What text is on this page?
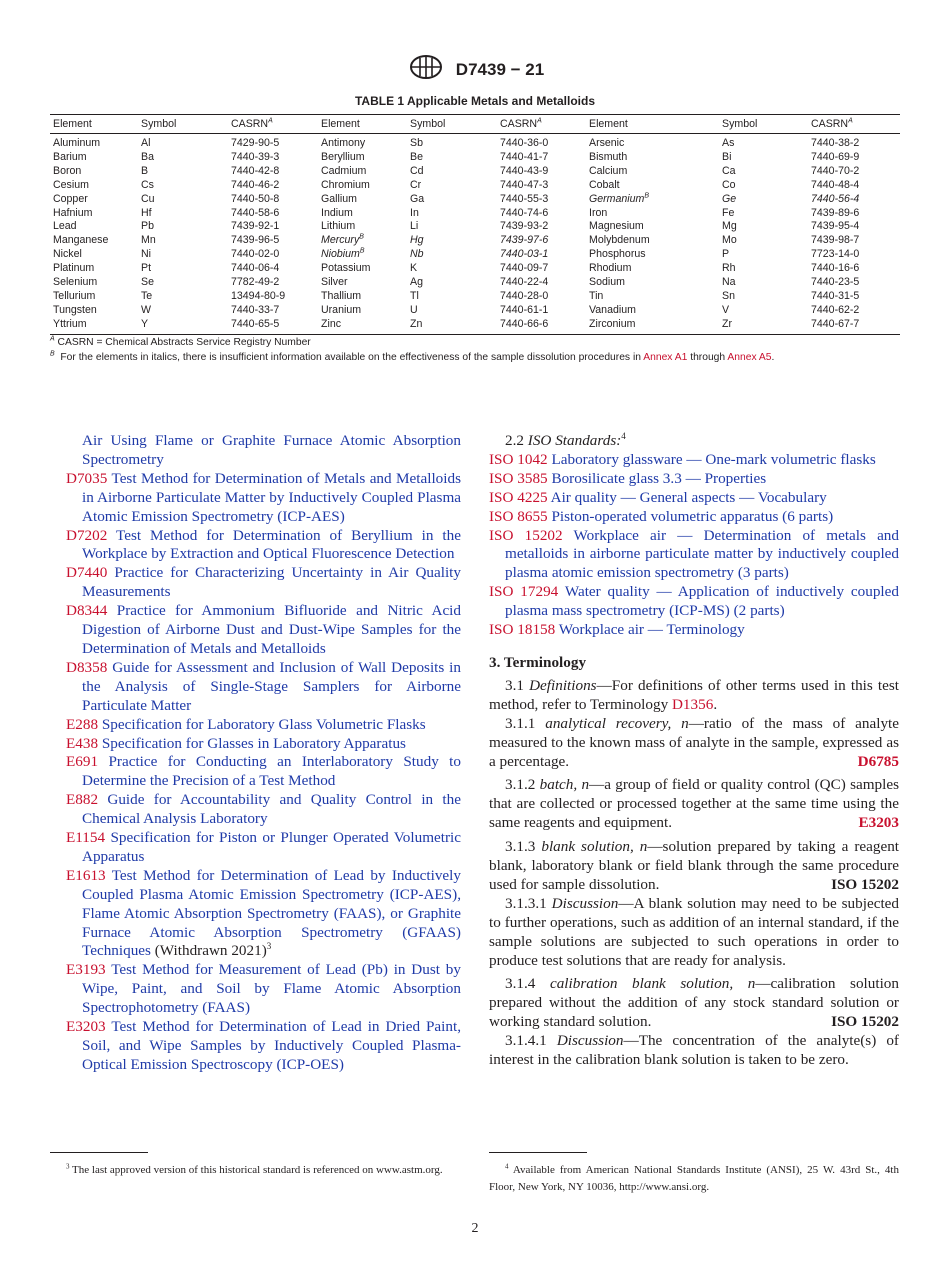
D7439 − 21
TABLE 1 Applicable Metals and Metalloids
Element	Symbol	$CASRN^A$	Element	Symbol	$CASRN^A$	Element	Symbol	$CASRN^A$
Aluminum	Al	7429-90-5	Antimony	Sb	7440-36-0	Arsenic	As	7440-38-2
Barium	Ba	7440-39-3	Beryllium	Be	7440-41-7	Bismuth	Bi	7440-69-9
Boron	B	7440-42-8	Cadmium	Cd	7440-43-9	Calcium	Ca	7440-70-2
Cesium	Cs	7440-46-2	Chromium	Cr	7440-47-3	Cobalt	Co	7440-48-4
Copper	Cu	7440-50-8	Gallium	Ga	7440-55-3	Germanium$^B$	Ge	7440-56-4
Hafnium	Hf	7440-58-6	Indium	In	7440-74-6	Iron	Fe	7439-89-6
Lead	Pb	7439-92-1	Lithium	Li	7439-93-2	Magnesium	Mg	7439-95-4
Manganese	Mn	7439-96-5	Mercury$^B$	Hg	7439-97-6	Molybdenum	Mo	7439-98-7
Nickel	Ni	7440-02-0	Niobium$^B$	Nb	7440-03-1	Phosphorus	P	7723-14-0
Platinum	Pt	7440-06-4	Potassium	K	7440-09-7	Rhodium	Rh	7440-16-6
Selenium	Se	7782-49-2	Silver	Ag	7440-22-4	Sodium	Na	7440-23-5
Tellurium	Te	13494-80-9	Thallium	Tl	7440-28-0	Tin	Sn	7440-31-5
Tungsten	W	7440-33-7	Uranium	U	7440-61-1	Vanadium	V	7440-62-2
Yttrium	Y	7440-65-5	Zinc	Zn	7440-66-6	Zirconium	Zr	7440-67-7
$^A$ CASRN = Chemical Abstracts Service Registry Number
$^B$  For the elements in italics, there is insufficient information available on the effectiveness of the sample dissolution procedures in Annex A1 through Annex A5.

Air Using Flame or Graphite Furnace Atomic Absorption Spectrometry

D7035 Test Method for Determination of Metals and Metalloids in Airborne Particulate Matter by Inductively Coupled Plasma Atomic Emission Spectrometry (ICP-AES)

D7202 Test Method for Determination of Beryllium in the Workplace by Extraction and Optical Fluorescence Detection

D7440 Practice for Characterizing Uncertainty in Air Quality Measurements

D8344 Practice for Ammonium Bifluoride and Nitric Acid Digestion of Airborne Dust and Dust-Wipe Samples for the Determination of Metals and Metalloids

D8358 Guide for Assessment and Inclusion of Wall Deposits in the Analysis of Single-Stage Samplers for Airborne Particulate Matter

E288 Specification for Laboratory Glass Volumetric Flasks

E438 Specification for Glasses in Laboratory Apparatus

E691 Practice for Conducting an Interlaboratory Study to Determine the Precision of a Test Method

E882 Guide for Accountability and Quality Control in the Chemical Analysis Laboratory

E1154 Specification for Piston or Plunger Operated Volumetric Apparatus

E1613 Test Method for Determination of Lead by Inductively Coupled Plasma Atomic Emission Spectrometry (ICP-AES), Flame Atomic Absorption Spectrometry (FAAS), or Graphite Furnace Atomic Absorption Spectrometry (GFAAS) Techniques (Withdrawn 2021)$^3$

E3193 Test Method for Measurement of Lead (Pb) in Dust by Wipe, Paint, and Soil by Flame Atomic Absorption Spectrophotometry (FAAS)

E3203 Test Method for Determination of Lead in Dried Paint, Soil, and Wipe Samples by Inductively Coupled Plasma-Optical Emission Spectroscopy (ICP-OES)

2.2 ISO Standards:$^4$

ISO 1042 Laboratory glassware — One-mark volumetric flasks

ISO 3585 Borosilicate glass 3.3 — Properties

ISO 4225 Air quality — General aspects — Vocabulary

ISO 8655 Piston-operated volumetric apparatus (6 parts)

ISO 15202 Workplace air — Determination of metals and metalloids in airborne particulate matter by inductively coupled plasma atomic emission spectrometry (3 parts)

ISO 17294 Water quality — Application of inductively coupled plasma mass spectrometry (ICP-MS) (2 parts)

ISO 18158 Workplace air — Terminology

3. Terminology

3.1 Definitions—For definitions of other terms used in this test method, refer to Terminology D1356.

3.1.1 analytical recovery, n—ratio of the mass of analyte measured to the known mass of analyte in the sample, expressed as a percentage.	D6785

3.1.2 batch, n—a group of field or quality control (QC) samples that are collected or processed together at the same time using the same reagents and equipment.	E3203

3.1.3 blank solution, n—solution prepared by taking a reagent blank, laboratory blank or field blank through the same procedure used for sample dissolution.	ISO 15202

3.1.3.1 Discussion—A blank solution may need to be subjected to further operations, such as addition of an internal standard, if the sample solutions are subjected to such operations in order to produce test solutions that are ready for analysis.

3.1.4 calibration blank solution, n—calibration solution prepared without the addition of any stock standard solution or working standard solution.	ISO 15202

3.1.4.1 Discussion—The concentration of the analyte(s) of interest in the calibration blank solution is taken to be zero.

$^3$ The last approved version of this historical standard is referenced on www.astm.org.	$^4$ Available from American National Standards Institute (ANSI), 25 W. 43rd St., 4th Floor, New York, NY 10036, http://www.ansi.org.
2
